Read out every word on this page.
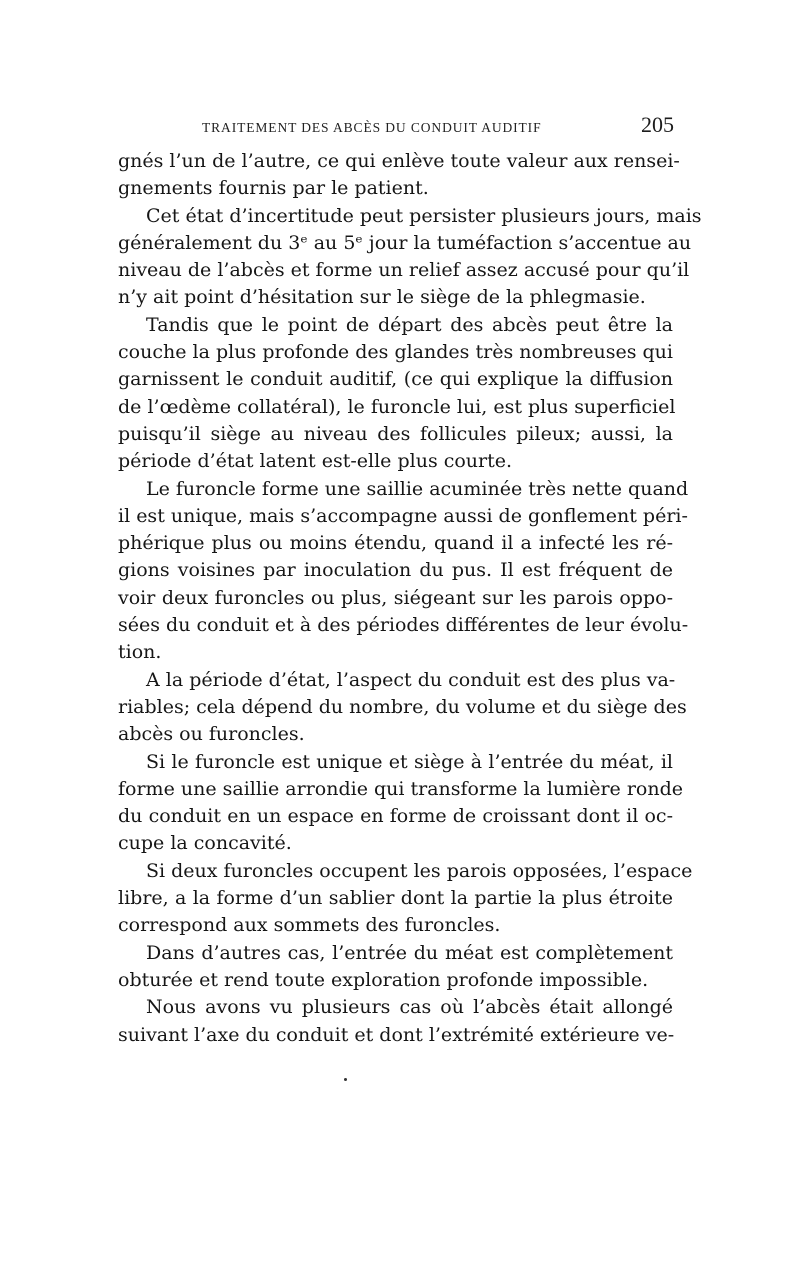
TRAITEMENT DES ABCÈS DU CONDUIT AUDITIF	205
gnés l’un de l’autre, ce qui enlève toute valeur aux rensei-
gnements fournis par le patient.
Cet état d’incertitude peut persister plusieurs jours, mais
généralement du 3ᵉ au 5ᵉ jour la tuméfaction s’accentue au
niveau de l’abcès et forme un relief assez accusé pour qu’il
n’y ait point d’hésitation sur le siège de la phlegmasie.
Tandis que le point de départ des abcès peut être la
couche la plus profonde des glandes très nombreuses qui
garnissent le conduit auditif, (ce qui explique la diffusion
de l’œdème collatéral), le furoncle lui, est plus superficiel
puisqu’il siège au niveau des follicules pileux; aussi, la
période d’état latent est-elle plus courte.
Le furoncle forme une saillie acuminée très nette quand
il est unique, mais s’accompagne aussi de gonflement péri-
phérique plus ou moins étendu, quand il a infecté les ré-
gions voisines par inoculation du pus. Il est fréquent de
voir deux furoncles ou plus, siégeant sur les parois oppo-
sées du conduit et à des périodes différentes de leur évolu-
tion.
A la période d’état, l’aspect du conduit est des plus va-
riables; cela dépend du nombre, du volume et du siège des
abcès ou furoncles.
Si le furoncle est unique et siège à l’entrée du méat, il
forme une saillie arrondie qui transforme la lumière ronde
du conduit en un espace en forme de croissant dont il oc-
cupe la concavité.
Si deux furoncles occupent les parois opposées, l’espace
libre, a la forme d’un sablier dont la partie la plus étroite
correspond aux sommets des furoncles.
Dans d’autres cas, l’entrée du méat est complètement
obturée et rend toute exploration profonde impossible.
Nous avons vu plusieurs cas où l’abcès était allongé
suivant l’axe du conduit et dont l’extrémité extérieure ve-
